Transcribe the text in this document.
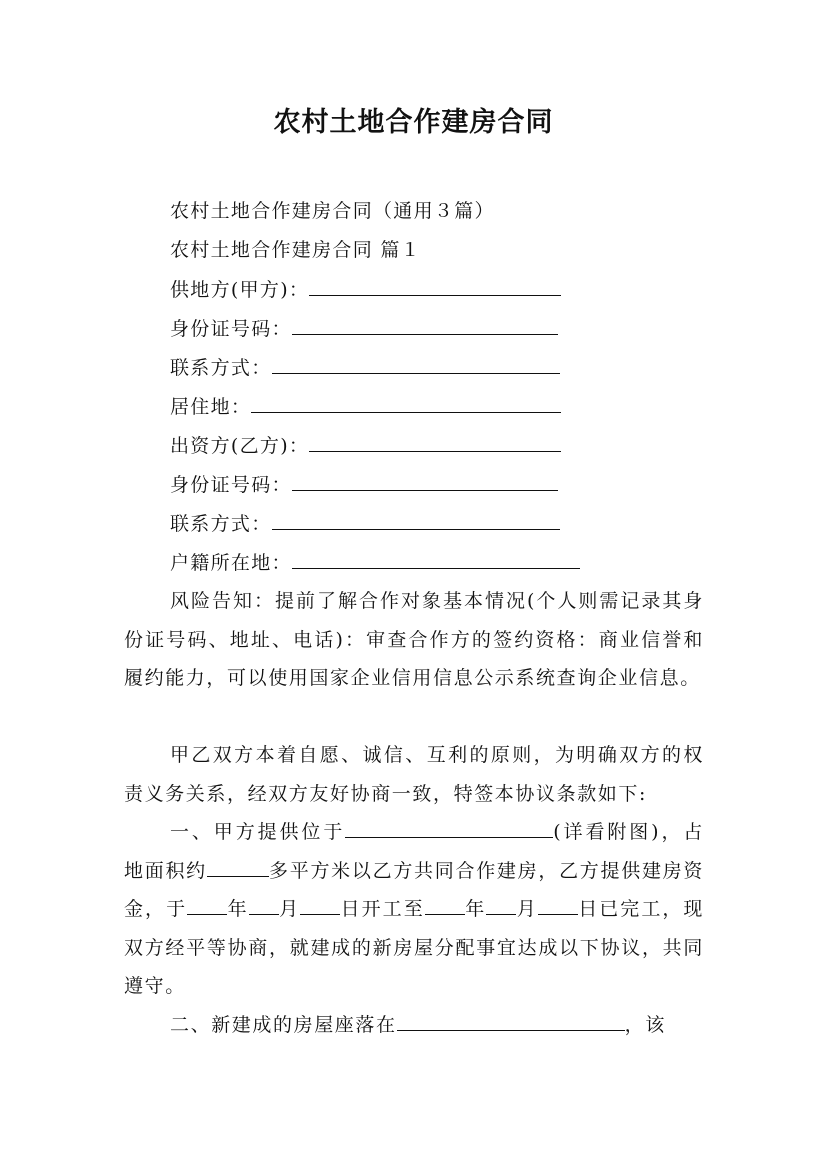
农村土地合作建房合同
农村土地合作建房合同（通用３篇）
农村土地合作建房合同 篇１
供地方(甲方)：
身份证号码：
联系方式：
居住地：
出资方(乙方)：
身份证号码：
联系方式：
户籍所在地：
风险告知：提前了解合作对象基本情况(个人则需记录其身份证号码、地址、电话)：审查合作方的签约资格：商业信誉和履约能力，可以使用国家企业信用信息公示系统查询企业信息。
甲乙双方本着自愿、诚信、互利的原则，为明确双方的权责义务关系，经双方友好协商一致，特签本协议条款如下:
一、甲方提供位于	(详看附图)，占地面积约	多平方米以乙方共同合作建房，乙方提供建房资金，于 年 月 日开工至 年 月 日已完工，现双方经平等协商，就建成的新房屋分配事宜达成以下协议，共同遵守。
二、新建成的房屋座落在	，该
